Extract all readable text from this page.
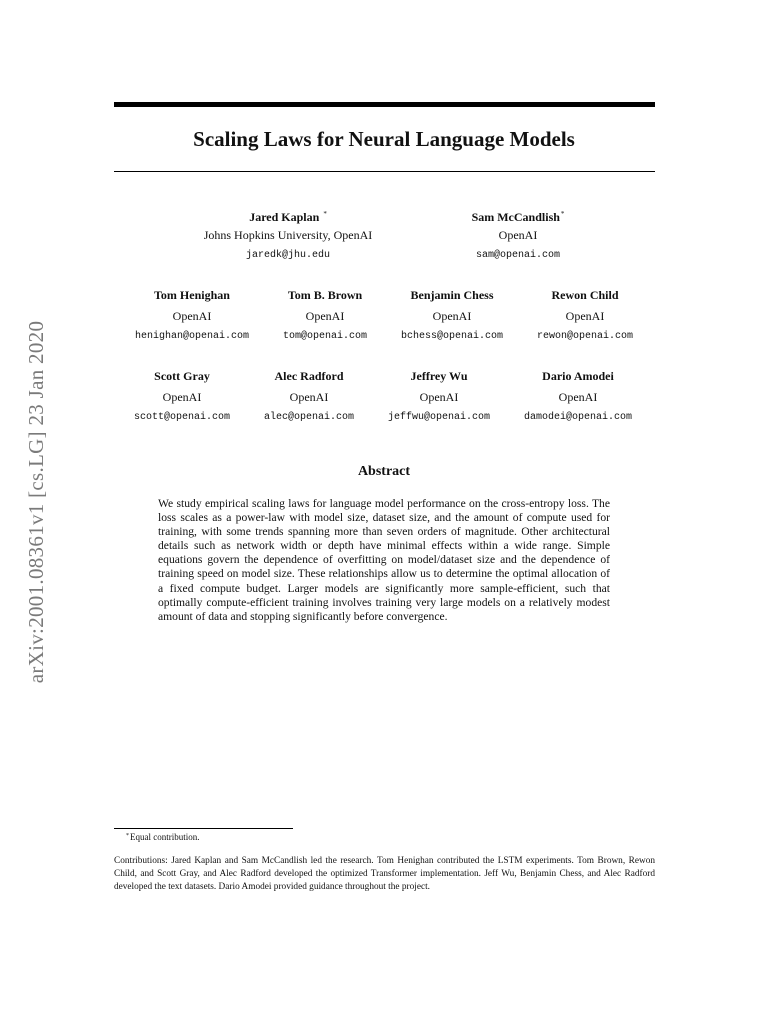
arXiv:2001.08361v1 [cs.LG] 23 Jan 2020
Scaling Laws for Neural Language Models
Jared Kaplan *
Johns Hopkins University, OpenAI
jaredk@jhu.edu
Sam McCandlish*
OpenAI
sam@openai.com
Tom Henighan
OpenAI
henighan@openai.com
Tom B. Brown
OpenAI
tom@openai.com
Benjamin Chess
OpenAI
bchess@openai.com
Rewon Child
OpenAI
rewon@openai.com
Scott Gray
OpenAI
scott@openai.com
Alec Radford
OpenAI
alec@openai.com
Jeffrey Wu
OpenAI
jeffwu@openai.com
Dario Amodei
OpenAI
damodei@openai.com
Abstract
We study empirical scaling laws for language model performance on the cross-entropy loss. The loss scales as a power-law with model size, dataset size, and the amount of compute used for training, with some trends spanning more than seven orders of magnitude. Other architectural details such as network width or depth have minimal effects within a wide range. Simple equations govern the dependence of overfitting on model/dataset size and the dependence of training speed on model size. These relationships allow us to determine the optimal allocation of a fixed compute budget. Larger models are significantly more sample-efficient, such that optimally compute-efficient training involves training very large models on a relatively modest amount of data and stopping significantly before convergence.
*Equal contribution.
Contributions: Jared Kaplan and Sam McCandlish led the research. Tom Henighan contributed the LSTM experiments. Tom Brown, Rewon Child, and Scott Gray, and Alec Radford developed the optimized Transformer implementation. Jeff Wu, Benjamin Chess, and Alec Radford developed the text datasets. Dario Amodei provided guidance throughout the project.
